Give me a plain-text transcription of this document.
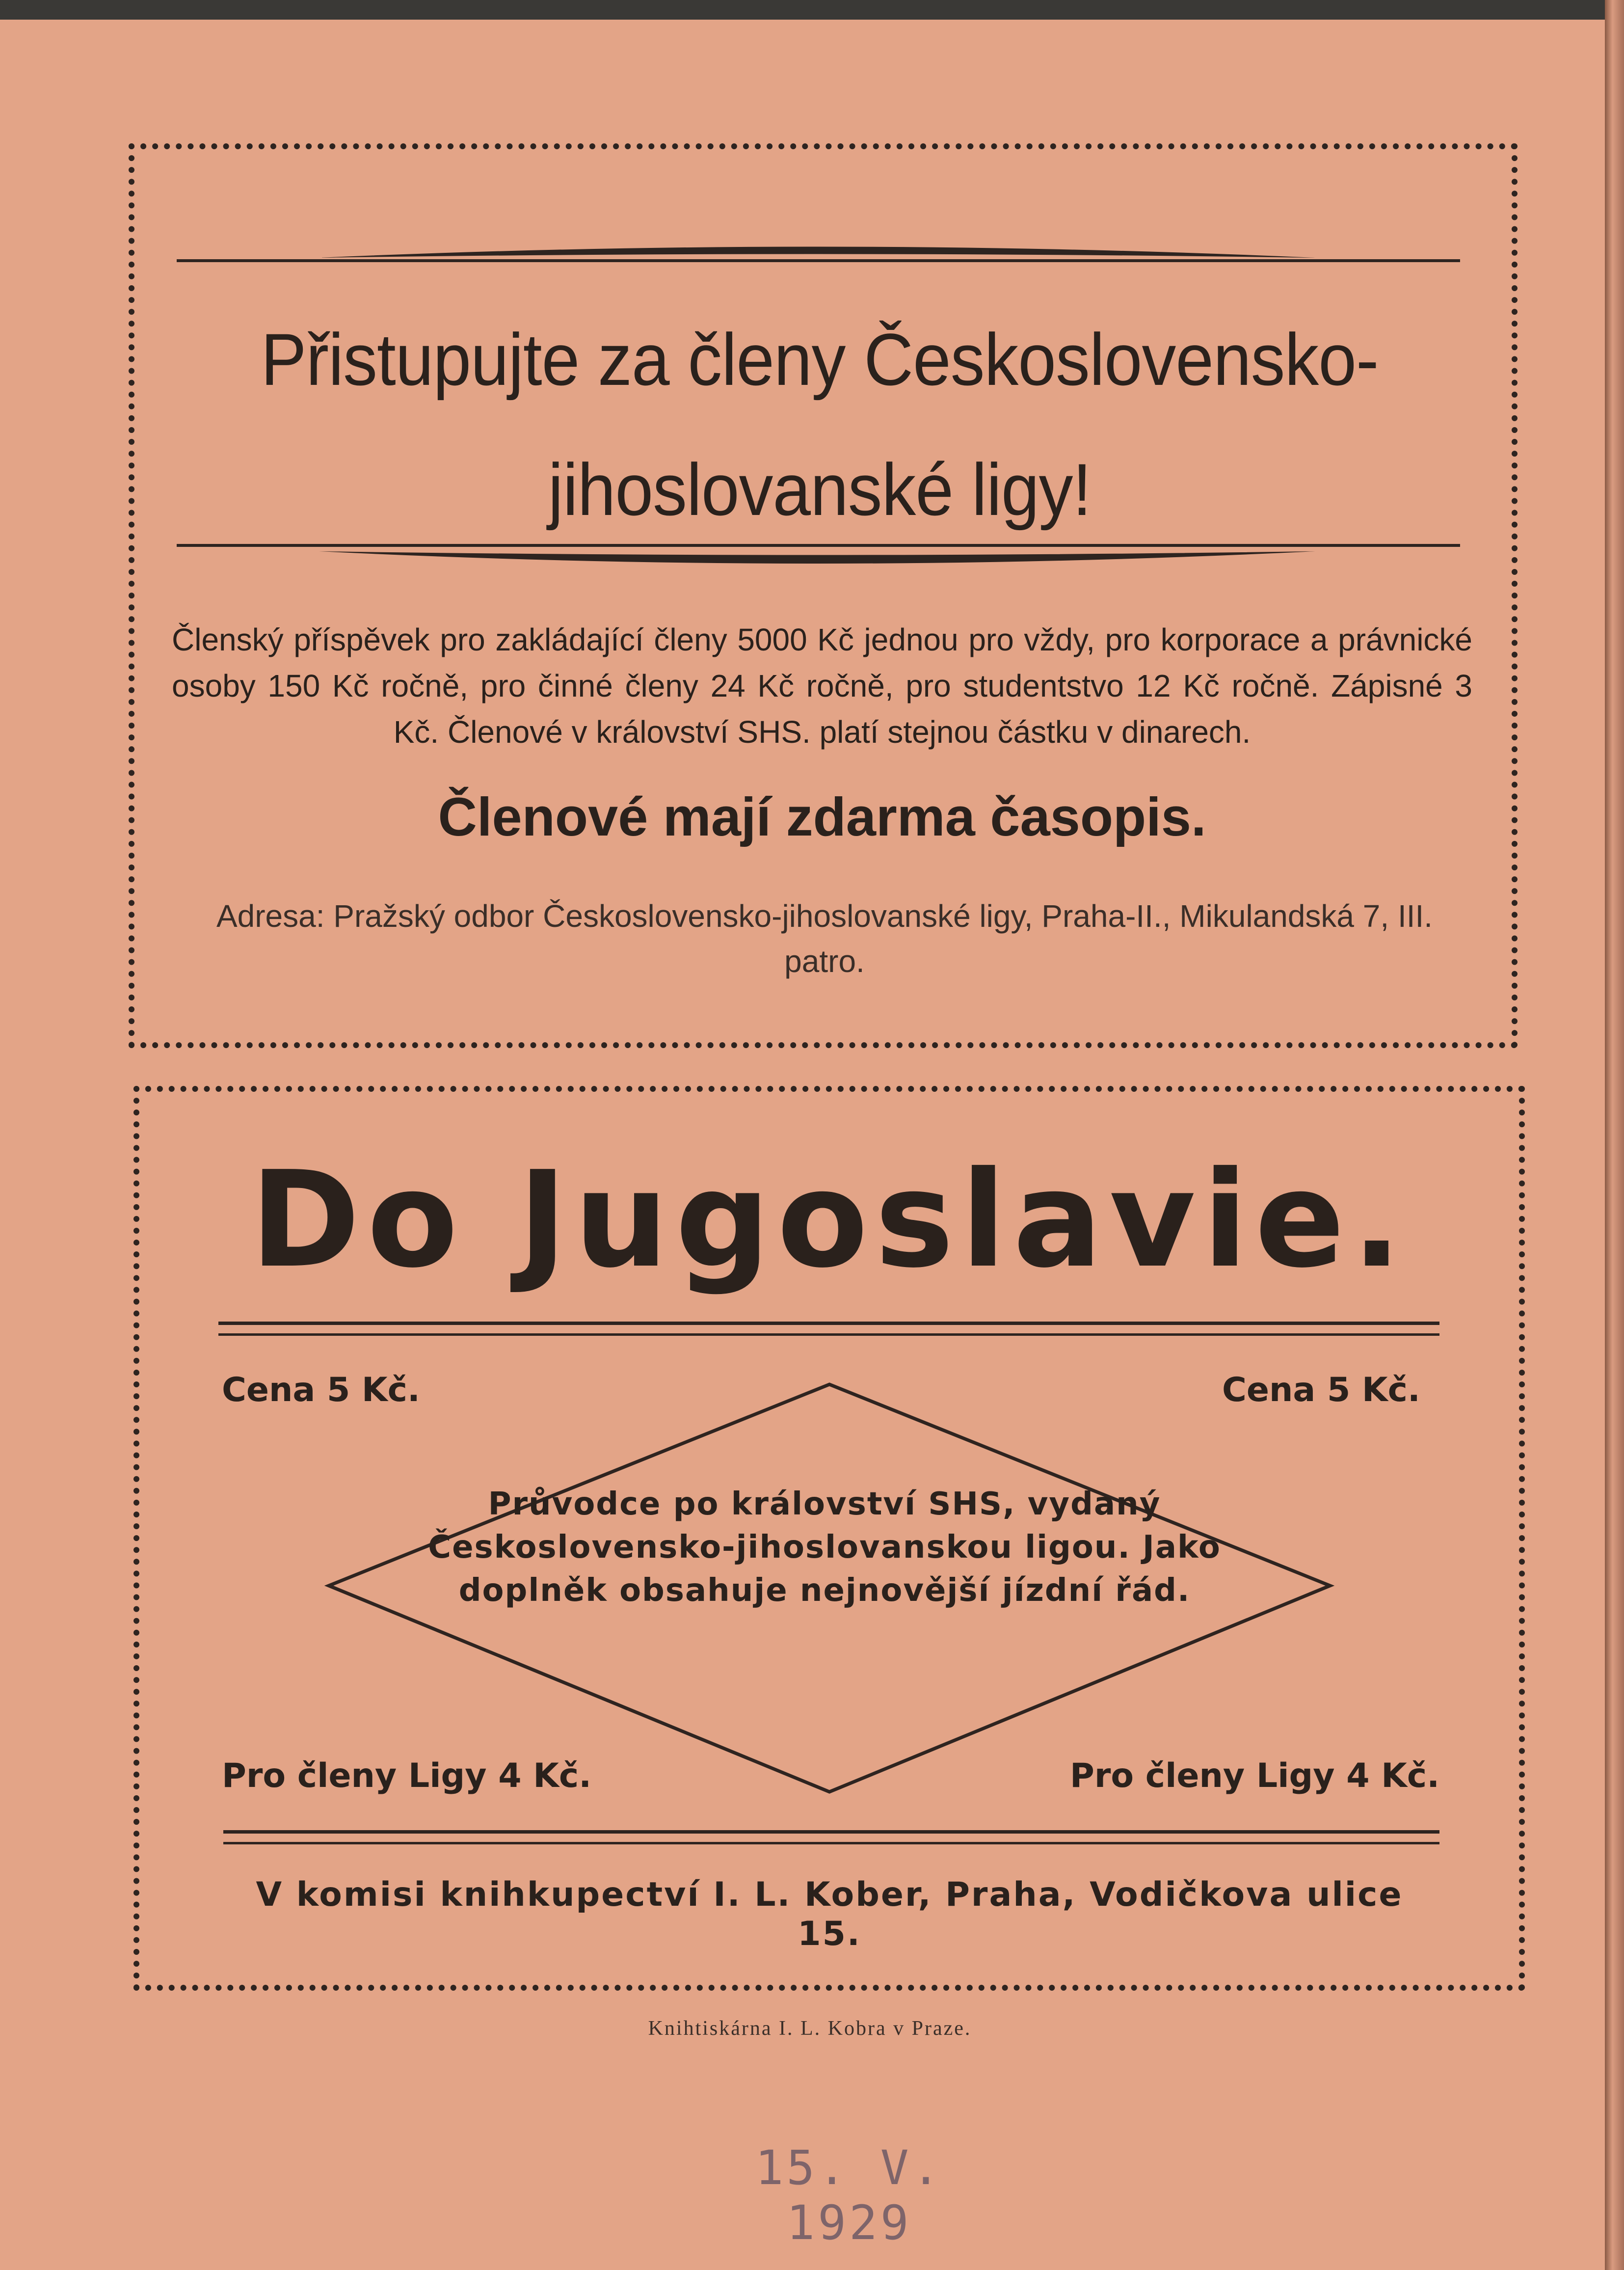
Přistupujte za členy Československo-jihoslovanské ligy!
Členský příspěvek pro zakládající členy 5000 Kč jednou pro vždy, pro korporace a právnické osoby 150 Kč ročně, pro činné členy 24 Kč ročně, pro studentstvo 12 Kč ročně. Zápisné 3 Kč. Členové v království SHS. platí stejnou částku v dinarech.
Členové mají zdarma časopis.
Adresa: Pražský odbor Československo-jihoslovanské ligy, Praha-II., Mikulandská 7, III. patro.
Do Jugoslavie.
Cena 5 Kč.	Cena 5 Kč.
Průvodce po království SHS, vydaný Československo-jihoslovanskou ligou. Jako doplněk obsahuje nejnovější jízdní řád.
Pro členy Ligy 4 Kč.	Pro členy Ligy 4 Kč.
V komisi knihkupectví I. L. Kober, Praha, Vodičkova ulice 15.
Knihtiskárna I. L. Kobra v Praze.
15. V. 1929
